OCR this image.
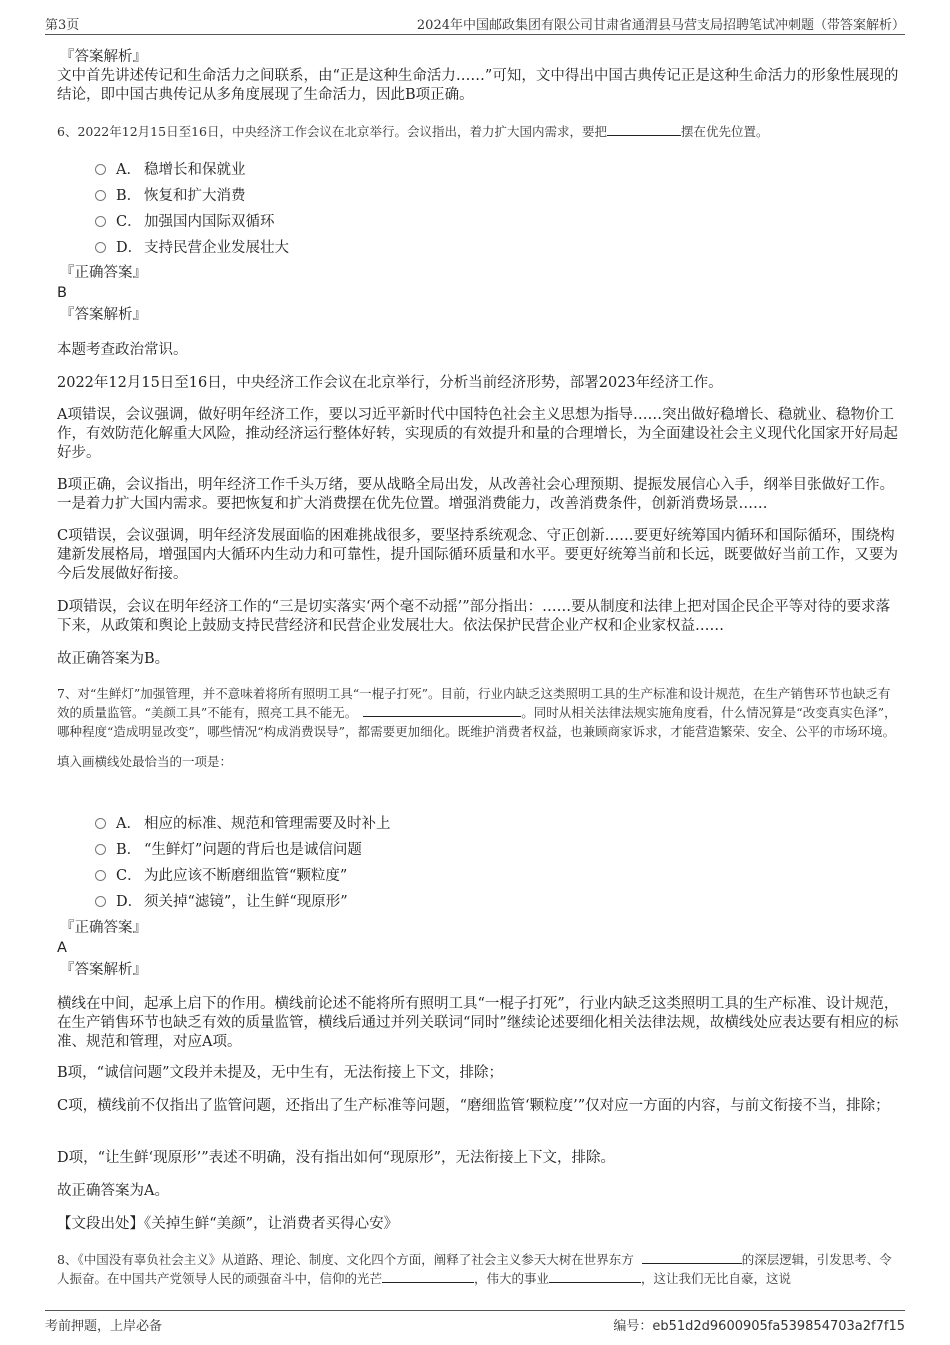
第3页	2024年中国邮政集团有限公司甘肃省通渭县马营支局招聘笔试冲刺题（带答案解析）
『答案解析』
文中首先讲述传记和生命活力之间联系，由“正是这种生命活力……”可知，文中得出中国古典传记正是这种生命活力的形象性展现的结论，即中国古典传记从多角度展现了生命活力，因此B项正确。
6、2022年12月15日至16日，中央经济工作会议在北京举行。会议指出，着力扩大国内需求，要把	摆在优先位置。
A． 稳增长和保就业
B． 恢复和扩大消费
C． 加强国内国际双循环
D． 支持民营企业发展壮大
『正确答案』
B
『答案解析』
本题考查政治常识。
2022年12月15日至16日，中央经济工作会议在北京举行，分析当前经济形势，部署2023年经济工作。
A项错误，会议强调，做好明年经济工作，要以习近平新时代中国特色社会主义思想为指导……突出做好稳增长、稳就业、稳物价工作，有效防范化解重大风险，推动经济运行整体好转，实现质的有效提升和量的合理增长，为全面建设社会主义现代化国家开好局起好步。
B项正确，会议指出，明年经济工作千头万绪，要从战略全局出发，从改善社会心理预期、提振发展信心入手，纲举目张做好工作。一是着力扩大国内需求。要把恢复和扩大消费摆在优先位置。增强消费能力，改善消费条件，创新消费场景……
C项错误，会议强调，明年经济发展面临的困难挑战很多，要坚持系统观念、守正创新……要更好统筹国内循环和国际循环，围绕构建新发展格局，增强国内大循环内生动力和可靠性，提升国际循环质量和水平。要更好统筹当前和长远，既要做好当前工作，又要为今后发展做好衔接。
D项错误，会议在明年经济工作的“三是切实落实‘两个毫不动摇’”部分指出：……要从制度和法律上把对国企民企平等对待的要求落下来，从政策和舆论上鼓励支持民营经济和民营企业发展壮大。依法保护民营企业产权和企业家权益……
故正确答案为B。
7、对“生鲜灯”加强管理，并不意味着将所有照明工具“一棍子打死”。目前，行业内缺乏这类照明工具的生产标准和设计规范，在生产销售环节也缺乏有效的质量监管。“美颜工具”不能有，照亮工具不能无。	。同时从相关法律法规实施角度看，什么情况算是“改变真实色泽”，哪种程度“造成明显改变”，哪些情况“构成消费误导”，都需要更加细化。既维护消费者权益，也兼顾商家诉求，才能营造繁荣、安全、公平的市场环境。
填入画横线处最恰当的一项是：
A． 相应的标准、规范和管理需要及时补上
B． “生鲜灯”问题的背后也是诚信问题
C． 为此应该不断磨细监管“颗粒度”
D． 须关掉“滤镜”，让生鲜“现原形”
『正确答案』
A
『答案解析』
横线在中间，起承上启下的作用。横线前论述不能将所有照明工具“一棍子打死”，行业内缺乏这类照明工具的生产标准、设计规范，在生产销售环节也缺乏有效的质量监管，横线后通过并列关联词“同时”继续论述要细化相关法律法规，故横线处应表达要有相应的标准、规范和管理，对应A项。
B项，“诚信问题”文段并未提及，无中生有，无法衔接上下文，排除；
C项，横线前不仅指出了监管问题，还指出了生产标准等问题，“磨细监管‘颗粒度’”仅对应一方面的内容，与前文衔接不当，排除；
D项，“让生鲜‘现原形’”表述不明确，没有指出如何“现原形”，无法衔接上下文，排除。
故正确答案为A。
【文段出处】《关掉生鲜“美颜”，让消费者买得心安》
8、《中国没有辜负社会主义》从道路、理论、制度、文化四个方面，阐释了社会主义参天大树在世界东方	的深层逻辑，引发思考、令人振奋。在中国共产党领导人民的顽强奋斗中，信仰的光芒	，伟大的事业	，这让我们无比自豪，这说
考前押题，上岸必备	编号：eb51d2d9600905fa539854703a2f7f15
